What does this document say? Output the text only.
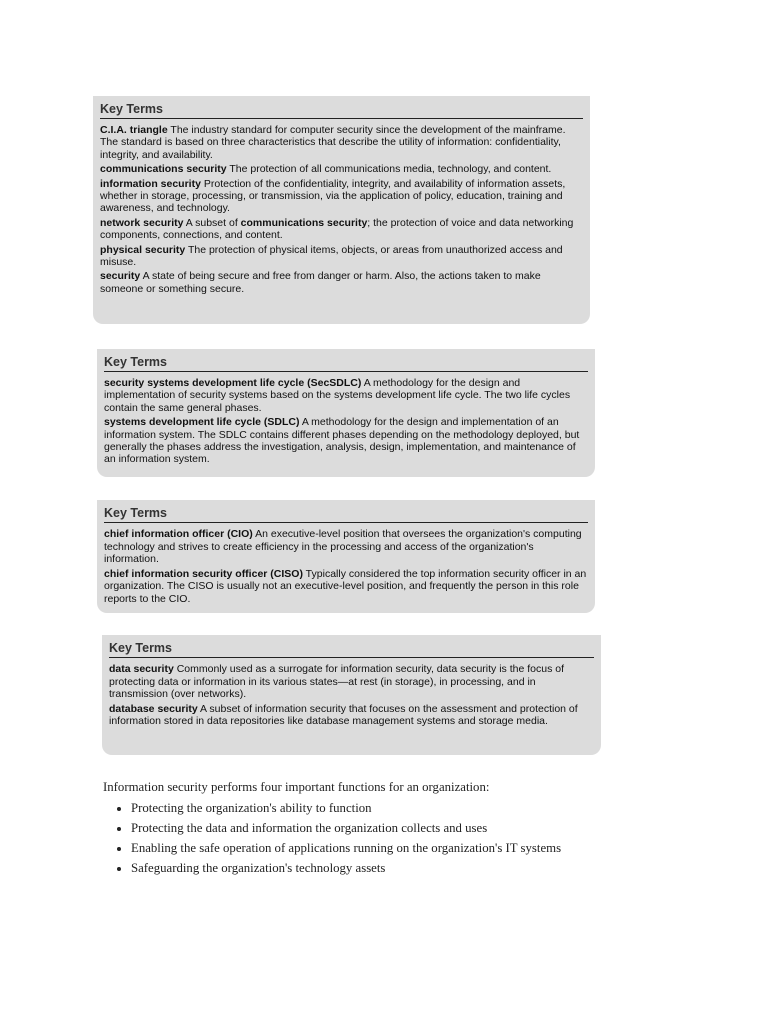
Key Terms

C.I.A. triangle The industry standard for computer security since the development of the mainframe. The standard is based on three characteristics that describe the utility of information: confidentiality, integrity, and availability.

communications security The protection of all communications media, technology, and content.

information security Protection of the confidentiality, integrity, and availability of information assets, whether in storage, processing, or transmission, via the application of policy, education, training and awareness, and technology.

network security A subset of communications security; the protection of voice and data networking components, connections, and content.

physical security The protection of physical items, objects, or areas from unauthorized access and misuse.

security A state of being secure and free from danger or harm. Also, the actions taken to make someone or something secure.

Key Terms

security systems development life cycle (SecSDLC) A methodology for the design and implementation of security systems based on the systems development life cycle. The two life cycles contain the same general phases.

systems development life cycle (SDLC) A methodology for the design and implementation of an information system. The SDLC contains different phases depending on the methodology deployed, but generally the phases address the investigation, analysis, design, implementation, and maintenance of an information system.

Key Terms

chief information officer (CIO) An executive-level position that oversees the organization's computing technology and strives to create efficiency in the processing and access of the organization's information.

chief information security officer (CISO) Typically considered the top information security officer in an organization. The CISO is usually not an executive-level position, and frequently the person in this role reports to the CIO.

Key Terms

data security Commonly used as a surrogate for information security, data security is the focus of protecting data or information in its various states—at rest (in storage), in processing, and in transmission (over networks).

database security A subset of information security that focuses on the assessment and protection of information stored in data repositories like database management systems and storage media.

Information security performs four important functions for an organization:

• Protecting the organization's ability to function
• Protecting the data and information the organization collects and uses
• Enabling the safe operation of applications running on the organization's IT systems
• Safeguarding the organization's technology assets
